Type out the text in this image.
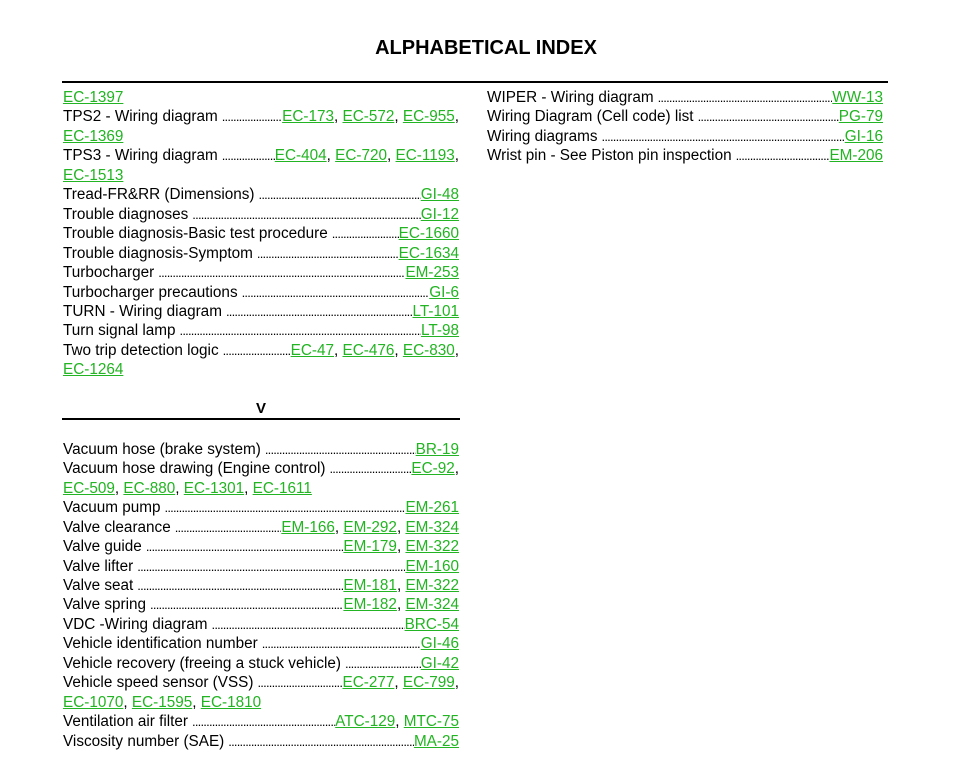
ALPHABETICAL INDEX
EC-1397
TPS2 - Wiring diagram . . .	EC-173, EC-572, EC-955,
EC-1369
TPS3 - Wiring diagram . . .	EC-404, EC-720, EC-1193,
EC-1513
Tread-FR&RR (Dimensions) . . .	GI-48
Trouble diagnoses . . .	GI-12
Trouble diagnosis-Basic test procedure . . .	EC-1660
Trouble diagnosis-Symptom . . .	EC-1634
Turbocharger . . .	EM-253
Turbocharger precautions . . .	GI-6
TURN - Wiring diagram . . .	LT-101
Turn signal lamp . . .	LT-98
Two trip detection logic . . .	EC-47, EC-476, EC-830,
EC-1264
V
Vacuum hose (brake system) . . .	BR-19
Vacuum hose drawing (Engine control) . . .	EC-92,
EC-509, EC-880, EC-1301, EC-1611
Vacuum pump . . .	EM-261
Valve clearance . . .	EM-166, EM-292, EM-324
Valve guide . . .	EM-179, EM-322
Valve lifter . . .	EM-160
Valve seat . . .	EM-181, EM-322
Valve spring . . .	EM-182, EM-324
VDC -Wiring diagram . . .	BRC-54
Vehicle identification number . . .	GI-46
Vehicle recovery (freeing a stuck vehicle) . . .	GI-42
Vehicle speed sensor (VSS) . . .	EC-277, EC-799,
EC-1070, EC-1595, EC-1810
Ventilation air filter . . .	ATC-129, MTC-75
Viscosity number (SAE) . . .	MA-25
WIPER - Wiring diagram . . .	WW-13
Wiring Diagram (Cell code) list . . .	PG-79
Wiring diagrams . . .	GI-16
Wrist pin - See Piston pin inspection . . .	EM-206
